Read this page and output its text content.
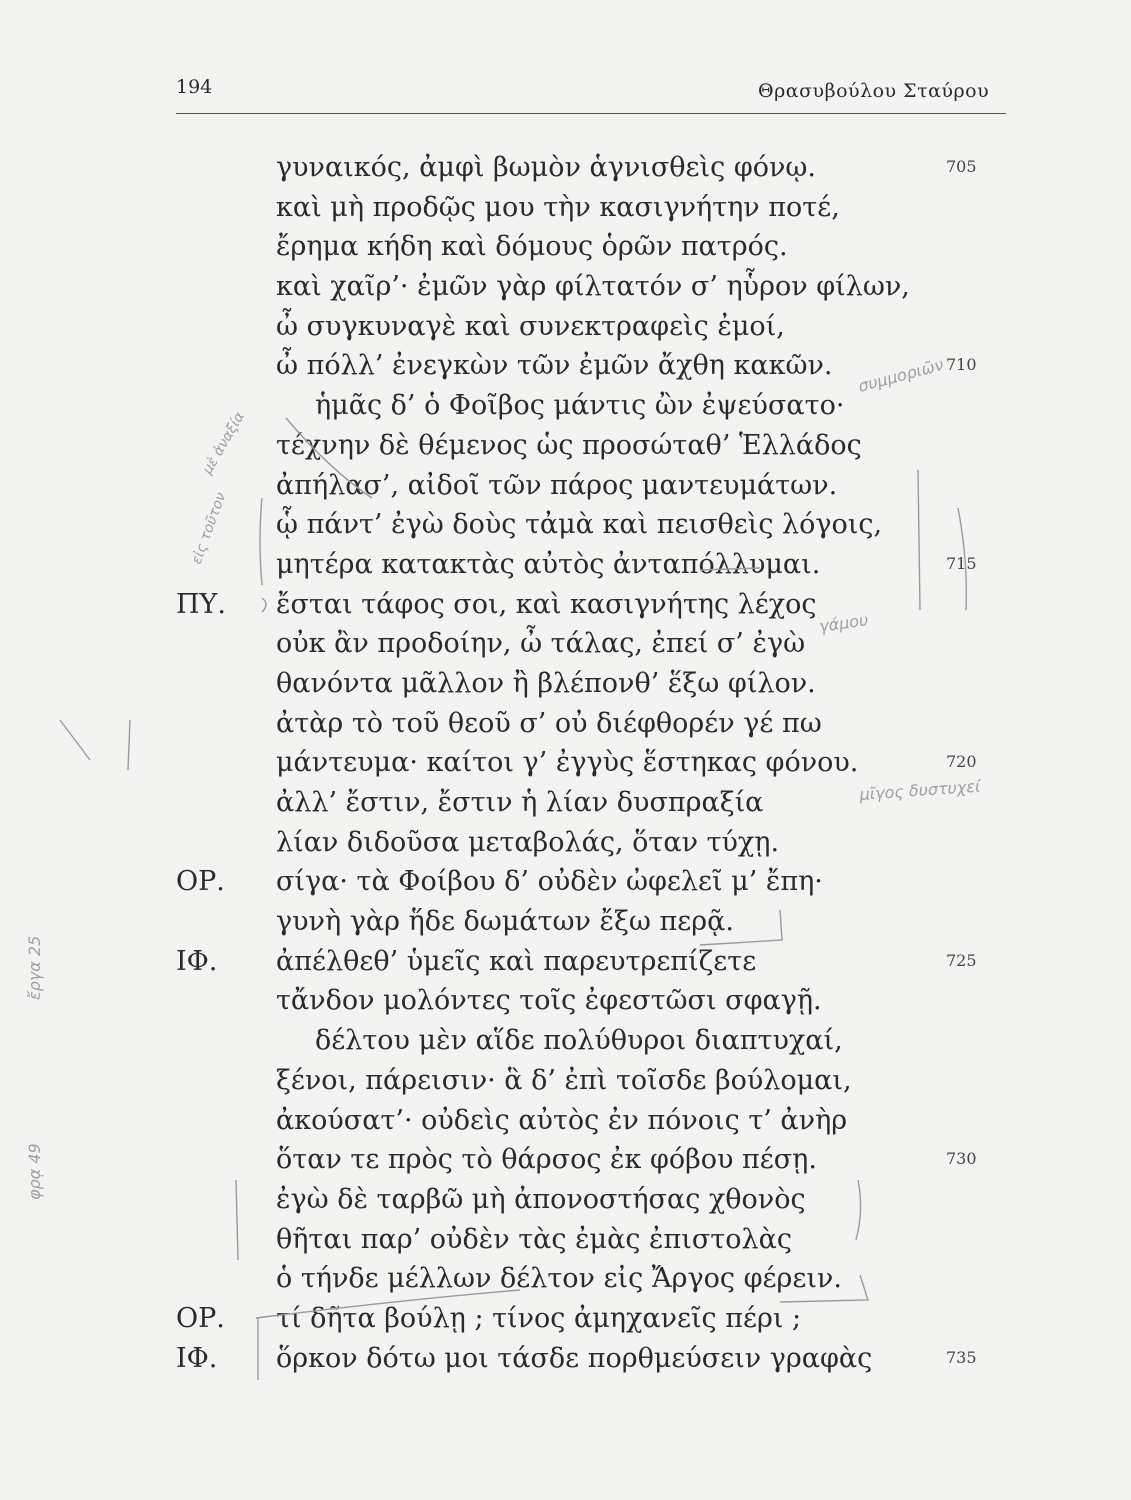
194	Θρασυβούλου Σταύρου
γυναικός, ἀμφὶ βωμὸν ἁγνισθεὶς φόνῳ.	705
καὶ μὴ προδῷς μου τὴν κασιγνήτην ποτέ,
ἔρημα κήδη καὶ δόμους ὁρῶν πατρός.
καὶ χαῖρ’· ἐμῶν γὰρ φίλτατόν σ’ ηὗρον φίλων,
ὦ συγκυναγὲ καὶ συνεκτραφεὶς ἐμοί,
ὦ πόλλ’ ἐνεγκὼν τῶν ἐμῶν ἄχθη κακῶν.	710
ἡμᾶς δ’ ὁ Φοῖβος μάντις ὢν ἐψεύσατο·
τέχνην δὲ θέμενος ὡς προσώταθ’ Ἑλλάδος
ἀπήλασ’, αἰδοῖ τῶν πάρος μαντευμάτων.
ᾧ πάντ’ ἐγὼ δοὺς τἀμὰ καὶ πεισθεὶς λόγοις,
μητέρα κατακτὰς αὐτὸς ἀνταπόλλυμαι.	715
ΠΥ. ἔσται τάφος σοι, καὶ κασιγνήτης λέχος
οὐκ ἂν προδοίην, ὦ τάλας, ἐπεί σ’ ἐγὼ
θανόντα μᾶλλον ἢ βλέπονθ’ ἕξω φίλον.
ἀτὰρ τὸ τοῦ θεοῦ σ’ οὐ διέφθορέν γέ πω
μάντευμα· καίτοι γ’ ἐγγὺς ἕστηκας φόνου.	720
ἀλλ’ ἔστιν, ἔστιν ἡ λίαν δυσπραξία
λίαν διδοῦσα μεταβολάς, ὅταν τύχῃ.
ΟΡ. σίγα· τὰ Φοίβου δ’ οὐδὲν ὠφελεῖ μ’ ἔπη·
γυνὴ γὰρ ἥδε δωμάτων ἔξω περᾷ.
ΙΦ. ἀπέλθεθ’ ὑμεῖς καὶ παρευτρεπίζετε	725
τἄνδον μολόντες τοῖς ἐφεστῶσι σφαγῇ.
δέλτου μὲν αἵδε πολύθυροι διαπτυχαί,
ξένοι, πάρεισιν· ἃ δ’ ἐπὶ τοῖσδε βούλομαι,
ἀκούσατ’· οὐδεὶς αὐτὸς ἐν πόνοις τ’ ἀνὴρ
ὅταν τε πρὸς τὸ θάρσος ἐκ φόβου πέσῃ.	730
ἐγὼ δὲ ταρβῶ μὴ ἀπονοστήσας χθονὸς
θῆται παρ’ οὐδὲν τὰς ἐμὰς ἐπιστολὰς
ὁ τήνδε μέλλων δέλτον εἰς Ἄργος φέρειν.
ΟΡ. τί δῆτα βούλῃ ; τίνος ἀμηχανεῖς πέρι ;
ΙΦ. ὅρκον δότω μοι τάσδε πορθμεύσειν γραφὰς	735
συμμοριῶν
μῖγος δυστυχεί
γάμου
μὲ ἀναξία
εἰς τοῦτον
ἔργα 25
φρᾳ 49
